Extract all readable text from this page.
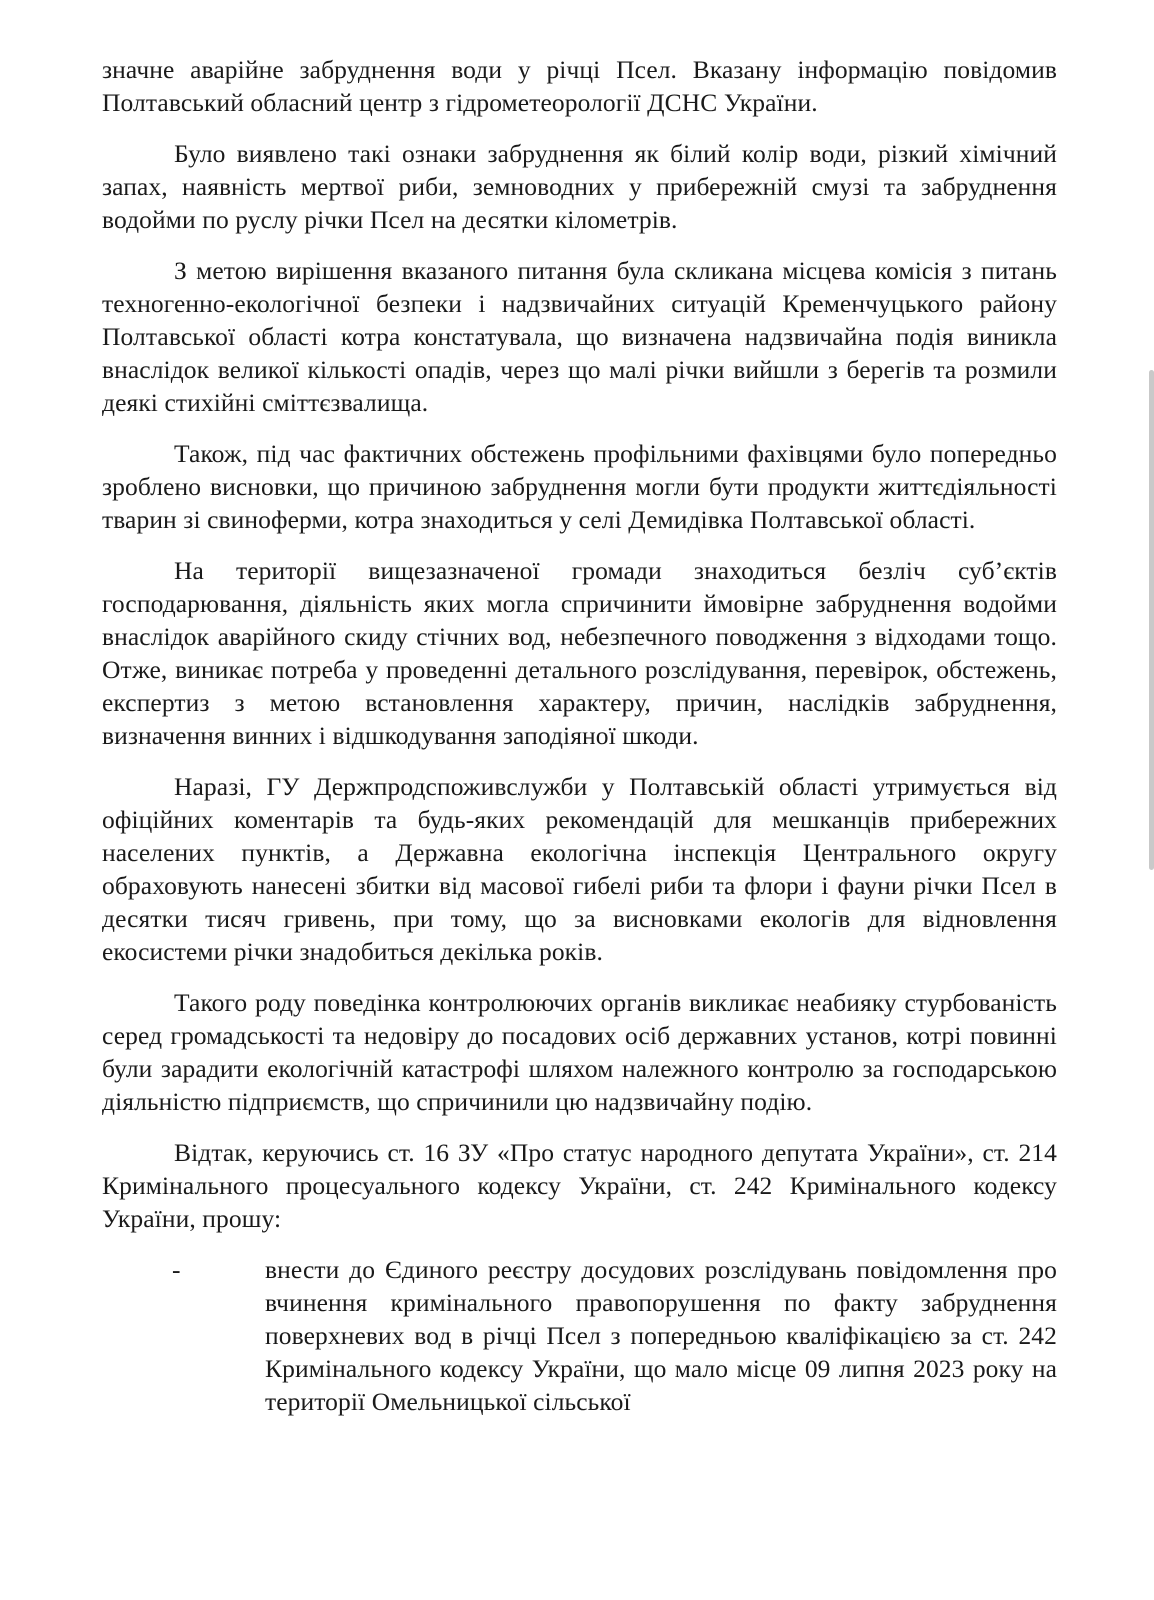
значне аварійне забруднення води у річці Псел. Вказану інформацію повідомив Полтавський обласний центр з гідрометеорології ДСНС України.

Було виявлено такі ознаки забруднення як білий колір води, різкий хімічний запах, наявність мертвої риби, земноводних у прибережній смузі та забруднення водойми по руслу річки Псел на десятки кілометрів.

З метою вирішення вказаного питання була скликана місцева комісія з питань техногенно-екологічної безпеки і надзвичайних ситуацій Кременчуцького району Полтавської області котра констатувала, що визначена надзвичайна подія виникла внаслідок великої кількості опадів, через що малі річки вийшли з берегів та розмили деякі стихійні сміттєзвалища.

Також, під час фактичних обстежень профільними фахівцями було попередньо зроблено висновки, що причиною забруднення могли бути продукти життєдіяльності тварин зі свиноферми, котра знаходиться у селі Демидівка Полтавської області.

На території вищезазначеної громади знаходиться безліч суб’єктів господарювання, діяльність яких могла спричинити ймовірне забруднення водойми внаслідок аварійного скиду стічних вод, небезпечного поводження з відходами тощо. Отже, виникає потреба у проведенні детального розслідування, перевірок, обстежень, експертиз з метою встановлення характеру, причин, наслідків забруднення, визначення винних і відшкодування заподіяної шкоди.

Наразі, ГУ Держпродспоживслужби у Полтавській області утримується від офіційних коментарів та будь-яких рекомендацій для мешканців прибережних населених пунктів, а Державна екологічна інспекція Центрального округу обраховують нанесені збитки від масової гибелі риби та флори і фауни річки Псел в десятки тисяч гривень, при тому, що за висновками екологів для відновлення екосистеми річки знадобиться декілька років.

Такого роду поведінка контролюючих органів викликає неабияку стурбованість серед громадськості та недовіру до посадових осіб державних установ, котрі повинні були зарадити екологічній катастрофі шляхом належного контролю за господарською діяльністю підприємств, що спричинили цю надзвичайну подію.

Відтак, керуючись ст. 16 ЗУ «Про статус народного депутата України», ст. 214 Кримінального процесуального кодексу України, ст. 242 Кримінального кодексу України, прошу:

-	внести до Єдиного реєстру досудових розслідувань повідомлення про вчинення кримінального правопорушення по факту забруднення поверхневих вод в річці Псел з попередньою кваліфікацією за ст. 242 Кримінального кодексу України, що мало місце 09 липня 2023 року на території Омельницької сільської
